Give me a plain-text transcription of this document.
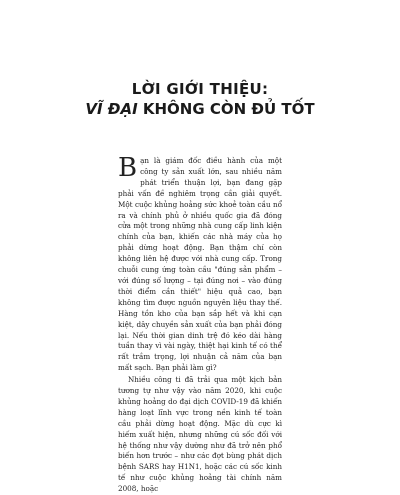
LỜI GIỚI THIỆU:
VĨ ĐẠI KHÔNG CÒN ĐỦ TỐT

Bạn là giám đốc điều hành của một công ty sản xuất lớn, sau nhiều năm phát triển thuận lợi, bạn đang gặp phải vấn đề nghiêm trọng cần giải quyết. Một cuộc khủng hoảng sức khoẻ toàn cầu nổ ra và chính phủ ở nhiều quốc gia đã đóng cửa một trong những nhà cung cấp linh kiện chính của bạn, khiến các nhà máy của họ phải dừng hoạt động. Bạn thậm chí còn không liên hệ được với nhà cung cấp. Trong chuỗi cung ứng toàn cầu "đúng sản phẩm – với đúng số lượng – tại đúng nơi – vào đúng thời điểm cần thiết" hiệu quả cao, bạn không tìm được nguồn nguyên liệu thay thế. Hàng tồn kho của bạn sắp hết và khi cạn kiệt, dây chuyền sản xuất của bạn phải đóng lại. Nếu thời gian dinh trệ đó kéo dài hàng tuần thay vì vài ngày, thiệt hại kinh tế có thể rất trầm trọng, lợi nhuận cả năm của bạn mất sạch. Bạn phải làm gì?

Nhiều công ti đã trải qua một kịch bản tương tự như vậy vào năm 2020, khi cuộc khủng hoảng do đại dịch COVID-19 đã khiến hàng loạt lĩnh vực trong nền kinh tế toàn cầu phải dừng hoạt động. Mặc dù cực kì hiếm xuất hiện, nhưng những cú sốc đối với hệ thống như vậy dường như đã trở nên phổ biến hơn trước – như các đợt bùng phát dịch bệnh SARS hay H1N1, hoặc các cú sốc kinh tế như cuộc khủng hoảng tài chính năm 2008, hoặc
